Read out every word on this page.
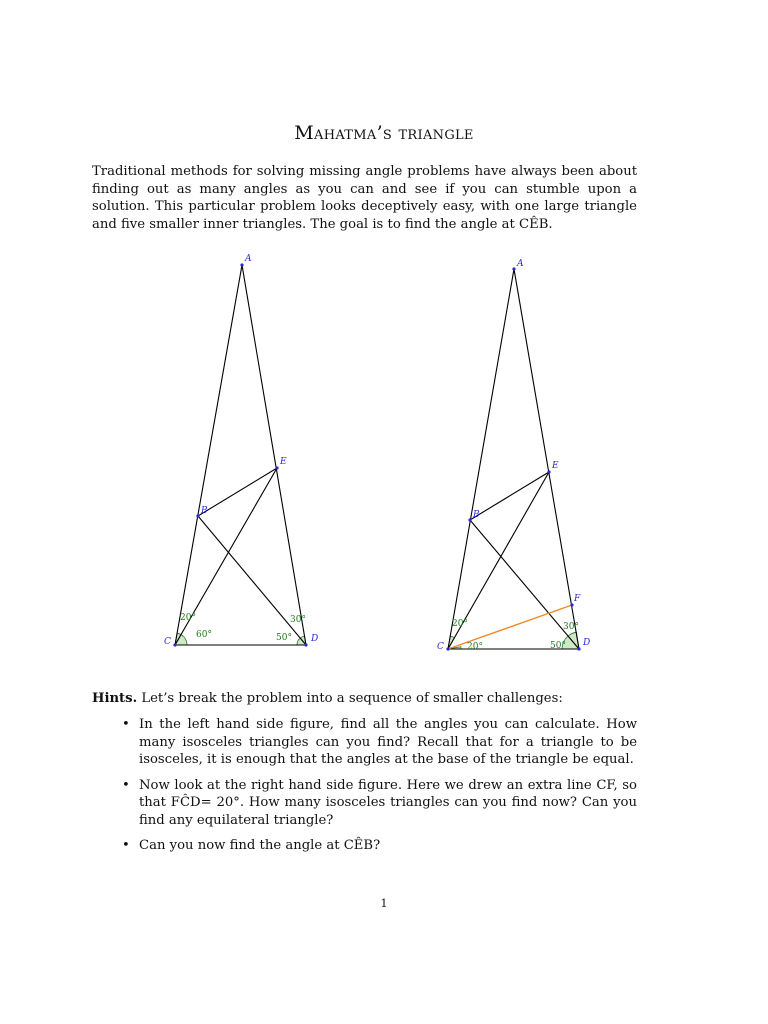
Mahatma’s triangle

Traditional methods for solving missing angle problems have always been about finding out as many angles as you can and see if you can stumble upon a solution. This particular problem looks deceptively easy, with one large triangle and five smaller inner triangles. The goal is to find the angle at CÊB.

A
B
E
C	D
20°
60°
30°
50°
A
B
E
F
C	D
20°
20°
30°
50°

Hints. Let’s break the problem into a sequence of smaller challenges:

• In the left hand side figure, find all the angles you can calculate. How many isosceles triangles can you find? Recall that for a triangle to be isosceles, it is enough that the angles at the base of the triangle be equal.
• Now look at the right hand side figure. Here we drew an extra line CF, so that FĈD= 20°. How many isosceles triangles can you find now? Can you find any equilateral triangle?
• Can you now find the angle at CÊB?
1
